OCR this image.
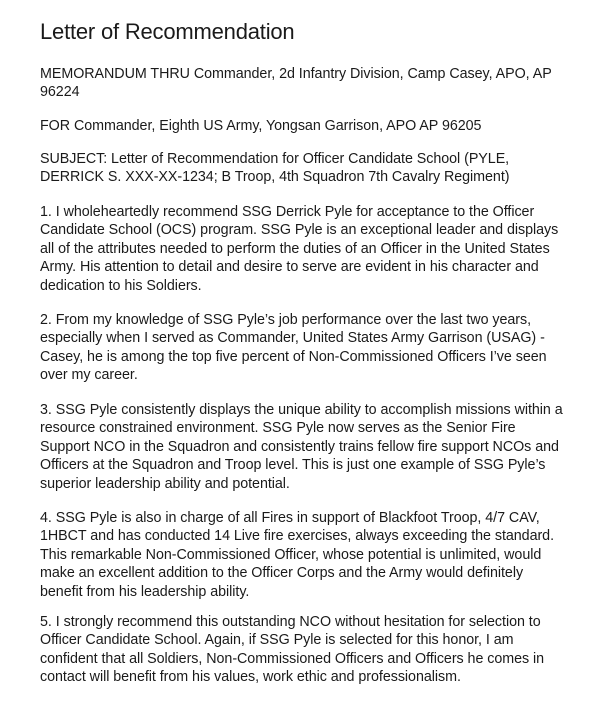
Letter of Recommendation

MEMORANDUM THRU Commander, 2d Infantry Division, Camp Casey, APO, AP 96224

FOR Commander, Eighth US Army, Yongsan Garrison, APO AP 96205

SUBJECT: Letter of Recommendation for Officer Candidate School (PYLE, DERRICK S. XXX-XX-1234; B Troop, 4th Squadron 7th Cavalry Regiment)

1. I wholeheartedly recommend SSG Derrick Pyle for acceptance to the Officer Candidate School (OCS) program. SSG Pyle is an exceptional leader and displays all of the attributes needed to perform the duties of an Officer in the United States Army. His attention to detail and desire to serve are evident in his character and dedication to his Soldiers.

2. From my knowledge of SSG Pyle’s job performance over the last two years, especially when I served as Commander, United States Army Garrison (USAG) - Casey, he is among the top five percent of Non-Commissioned Officers I’ve seen over my career.

3. SSG Pyle consistently displays the unique ability to accomplish missions within a resource constrained environment. SSG Pyle now serves as the Senior Fire Support NCO in the Squadron and consistently trains fellow fire support NCOs and Officers at the Squadron and Troop level. This is just one example of SSG Pyle’s superior leadership ability and potential.

4. SSG Pyle is also in charge of all Fires in support of Blackfoot Troop, 4/7 CAV, 1HBCT and has conducted 14 Live fire exercises, always exceeding the standard. This remarkable Non-Commissioned Officer, whose potential is unlimited, would make an excellent addition to the Officer Corps and the Army would definitely benefit from his leadership ability.

5. I strongly recommend this outstanding NCO without hesitation for selection to Officer Candidate School. Again, if SSG Pyle is selected for this honor, I am confident that all Soldiers, Non-Commissioned Officers and Officers he comes in contact will benefit from his values, work ethic and professionalism.
